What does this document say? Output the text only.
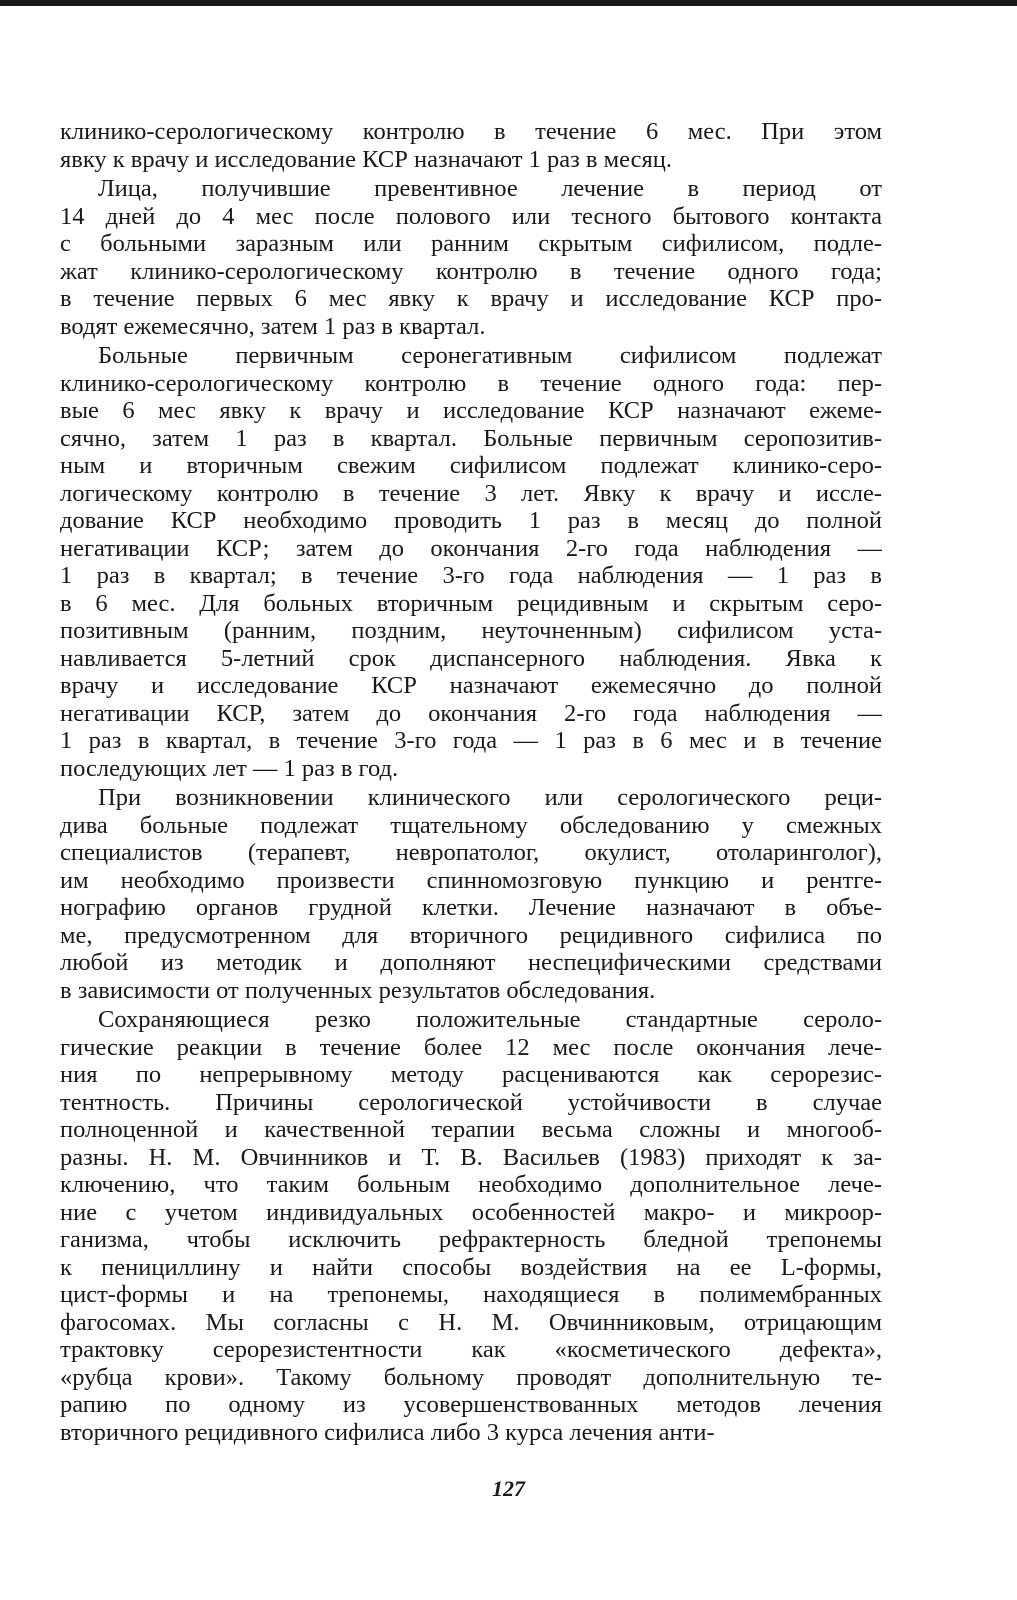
клинико-серологическому контролю в течение 6 мес. При этом
явку к врачу и исследование КСР назначают 1 раз в месяц.
Лица, получившие превентивное лечение в период от
14 дней до 4 мес после полового или тесного бытового контакта
с больными заразным или ранним скрытым сифилисом, подле-
жат клинико-серологическому контролю в течение одного года;
в течение первых 6 мес явку к врачу и исследование КСР про-
водят ежемесячно, затем 1 раз в квартал.
Больные первичным серонегативным сифилисом подлежат
клинико-серологическому контролю в течение одного года: пер-
вые 6 мес явку к врачу и исследование КСР назначают ежеме-
сячно, затем 1 раз в квартал. Больные первичным серопозитив-
ным и вторичным свежим сифилисом подлежат клинико-серо-
логическому контролю в течение 3 лет. Явку к врачу и иссле-
дование КСР необходимо проводить 1 раз в месяц до полной
негативации КСР; затем до окончания 2-го года наблюдения —
1 раз в квартал; в течение 3-го года наблюдения — 1 раз в
в 6 мес. Для больных вторичным рецидивным и скрытым серо-
позитивным (ранним, поздним, неуточненным) сифилисом уста-
навливается 5-летний срок диспансерного наблюдения. Явка к
врачу и исследование КСР назначают ежемесячно до полной
негативации КСР, затем до окончания 2-го года наблюдения —
1 раз в квартал, в течение 3-го года — 1 раз в 6 мес и в течение
последующих лет — 1 раз в год.
При возникновении клинического или серологического реци-
дива больные подлежат тщательному обследованию у смежных
специалистов (терапевт, невропатолог, окулист, отоларинголог),
им необходимо произвести спинномозговую пункцию и рентге-
нографию органов грудной клетки. Лечение назначают в объе-
ме, предусмотренном для вторичного рецидивного сифилиса по
любой из методик и дополняют неспецифическими средствами
в зависимости от полученных результатов обследования.
Сохраняющиеся резко положительные стандартные сероло-
гические реакции в течение более 12 мес после окончания лече-
ния по непрерывному методу расцениваются как серорезис-
тентность. Причины серологической устойчивости в случае
полноценной и качественной терапии весьма сложны и многооб-
разны. Н. М. Овчинников и Т. В. Васильев (1983) приходят к за-
ключению, что таким больным необходимо дополнительное лече-
ние с учетом индивидуальных особенностей макро- и микроор-
ганизма, чтобы исключить рефрактерность бледной трепонемы
к пенициллину и найти способы воздействия на ее L-формы,
цист-формы и на трепонемы, находящиеся в полимембранных
фагосомах. Мы согласны с Н. М. Овчинниковым, отрицающим
трактовку серорезистентности как «косметического дефекта»,
«рубца крови». Такому больному проводят дополнительную те-
рапию по одному из усовершенствованных методов лечения
вторичного рецидивного сифилиса либо 3 курса лечения анти-
127
